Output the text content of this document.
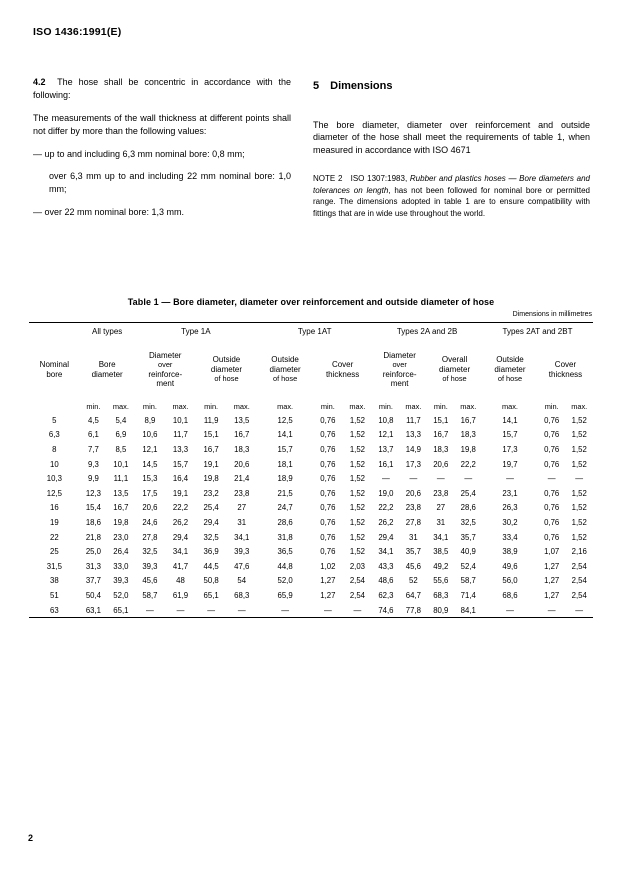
ISO 1436:1991(E)

4.2 The hose shall be concentric in accordance with the following:

The measurements of the wall thickness at different points shall not differ by more than the following values:

— up to and including 6,3 mm nominal bore: 0,8 mm;

over 6,3 mm up to and including 22 mm nominal bore: 1,0 mm;

— over 22 mm nominal bore: 1,3 mm.

5 Dimensions

The bore diameter, diameter over reinforcement and outside diameter of the hose shall meet the requirements of table 1, when measured in accordance with ISO 4671

NOTE 2 ISO 1307:1983, Rubber and plastics hoses — Bore diameters and tolerances on length, has not been followed for nominal bore or permitted range. The dimensions adopted in table 1 are to ensure compatibility with fittings that are in wide use throughout the world.

Table 1 — Bore diameter, diameter over reinforcement and outside diameter of hose
Dimensions in millimetres
	All types		Type 1A				Type 1AT			Types 2A and 2B				Types 2AT and 2BT		
Nominal
bore	Bore
diameter		Diameter
over
reinforce-
ment		Outside
diameter
of hose		Outside
diameter
of hose	Cover
thickness		Diameter
over
reinforce-
ment		Overall
diameter
of hose		Outside
diameter
of hose	Cover
thickness	
	min.	max.	min.	max.	min.	max.	max.	min.	max.	min.	max.	min.	max.	max.	min.	max.
5	4,5	5,4	8,9	10,1	11,9	13,5	12,5	0,76	1,52	10,8	11,7	15,1	16,7	14,1	0,76	1,52
6,3	6,1	6,9	10,6	11,7	15,1	16,7	14,1	0,76	1,52	12,1	13,3	16,7	18,3	15,7	0,76	1,52
8	7,7	8,5	12,1	13,3	16,7	18,3	15,7	0,76	1,52	13,7	14,9	18,3	19,8	17,3	0,76	1,52
10	9,3	10,1	14,5	15,7	19,1	20,6	18,1	0,76	1,52	16,1	17,3	20,6	22,2	19,7	0,76	1,52
10,3	9,9	11,1	15,3	16,4	19,8	21,4	18,9	0,76	1,52	—	—	—	—	—	—	—
12,5	12,3	13,5	17,5	19,1	23,2	23,8	21,5	0,76	1,52	19,0	20,6	23,8	25,4	23,1	0,76	1,52
16	15,4	16,7	20,6	22,2	25,4	27	24,7	0,76	1,52	22,2	23,8	27	28,6	26,3	0,76	1,52
19	18,6	19,8	24,6	26,2	29,4	31	28,6	0,76	1,52	26,2	27,8	31	32,5	30,2	0,76	1,52
22	21,8	23,0	27,8	29,4	32,5	34,1	31,8	0,76	1,52	29,4	31	34,1	35,7	33,4	0,76	1,52
25	25,0	26,4	32,5	34,1	36,9	39,3	36,5	0,76	1,52	34,1	35,7	38,5	40,9	38,9	1,07	2,16
31,5	31,3	33,0	39,3	41,7	44,5	47,6	44,8	1,02	2,03	43,3	45,6	49,2	52,4	49,6	1,27	2,54
38	37,7	39,3	45,6	48	50,8	54	52,0	1,27	2,54	48,6	52	55,6	58,7	56,0	1,27	2,54
51	50,4	52,0	58,7	61,9	65,1	68,3	65,9	1,27	2,54	62,3	64,7	68,3	71,4	68,6	1,27	2,54
63	63,1	65,1	—	—	—	—	—	—	—	74,6	77,8	80,9	84,1	—	—	—
2
